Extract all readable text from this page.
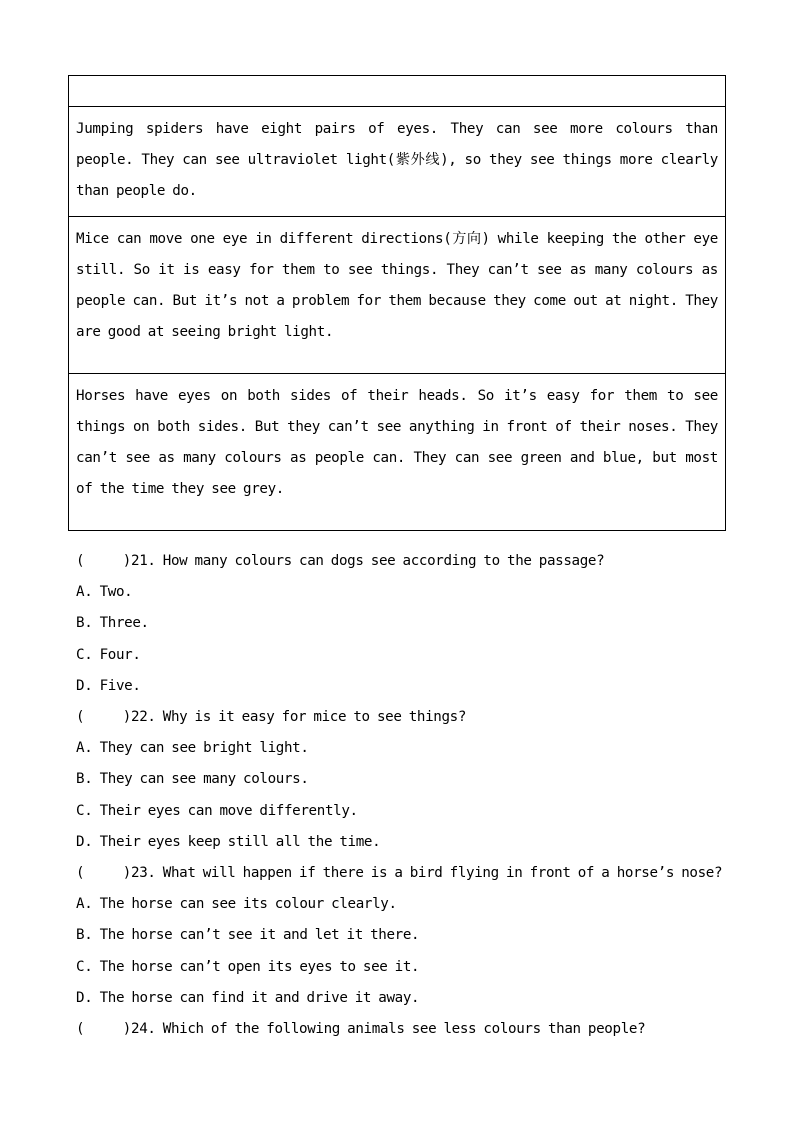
Jumping spiders have eight pairs of eyes. They can see more colours than people. They can see ultraviolet light(紫外线), so they see things more clearly than people do.
Mice can move one eye in different directions(方向) while keeping the other eye still. So it is easy for them to see things. They can’t see as many colours as people can. But it’s not a problem for them because they come out at night. They are good at seeing bright light.
Horses have eyes on both sides of their heads. So it’s easy for them to see things on both sides. But they can’t see anything in front of their noses. They can’t see as many colours as people can. They can see green and blue, but most of the time they see grey.
(	) 21. How many colours can dogs see according to the passage?
A. Two.
B. Three.
C. Four.
D. Five.
(	) 22. Why is it easy for mice to see things?
A. They can see bright light.
B. They can see many colours.
C. Their eyes can move differently.
D. Their eyes keep still all the time.
(	) 23. What will happen if there is a bird flying in front of a horse’s nose?
A. The horse can see its colour clearly.
B. The horse can’t see it and let it there.
C. The horse can’t open its eyes to see it.
D. The horse can find it and drive it away.
(	) 24. Which of the following animals see less colours than people?
